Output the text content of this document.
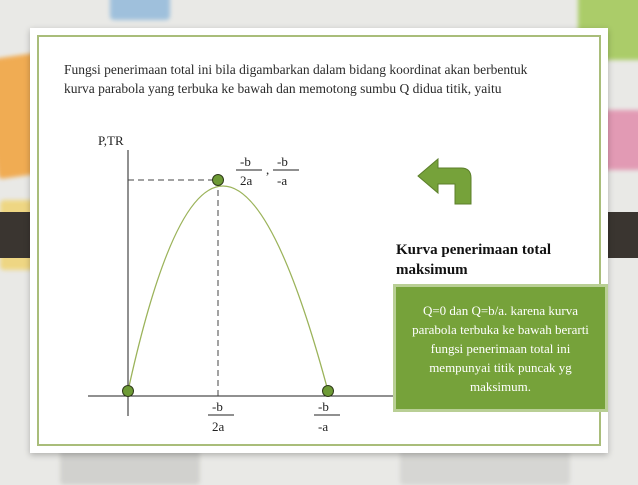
Fungsi penerimaan total ini bila digambarkan dalam bidang koordinat akan berbentuk kurva parabola yang terbuka ke bawah dan memotong sumbu Q didua titik, yaitu

P,TR
-b
2a
,
-b
-a
-b
2a
-b
-a
Kurva penerimaan total maksimum
Q=0 dan Q=b/a. karena kurva parabola terbuka ke bawah berarti fungsi penerimaan total ini mempunyai titik puncak yg maksimum.
